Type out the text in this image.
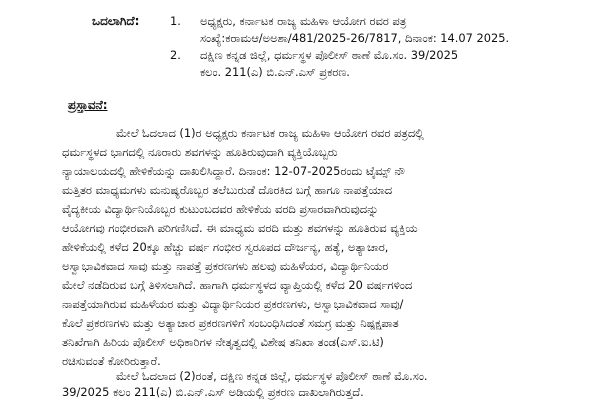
ಒದಲಾಗಿದೆ:	1. ಅಧ್ಯಕ್ಷರು, ಕರ್ನಾಟಕ ರಾಜ್ಯ ಮಹಿಳಾ ಆಯೋಗ ರವರ ಪತ್ರ
ಸಂಖ್ಯೆ:ಕರಾಮಆ/ಅಅಶಾ/481/2025-26/7817, ದಿನಾಂಕ: 14.07 2025.
2. ದಕ್ಷಿಣ ಕನ್ನಡ ಜಿಲ್ಲೆ, ಧರ್ಮಸ್ಥಳ ಪೊಲೀಸ್ ಠಾಣೆ ಮೊ.ಸಂ. 39/2025
ಕಲಂ. 211(ಎ) ಬಿ.ಎನ್.ಎಸ್ ಪ್ರಕರಣ.
ಪ್ರಸ್ತಾವನೆ:
ಮೇಲೆ ಓದಲಾದ (1)ರ ಅಧ್ಯಕ್ಷರು ಕರ್ನಾಟಕ ರಾಜ್ಯ ಮಹಿಳಾ ಆಯೋಗ ರವರ ಪತ್ರದಲ್ಲಿ
ಧರ್ಮಸ್ಥಳದ ಭಾಗದಲ್ಲಿ ನೂರಾರು ಶವಗಳನ್ನು ಹೂತಿರುವುದಾಗಿ ವ್ಯಕ್ತಿಯೊಬ್ಬರು
ನ್ಯಾಯಾಲಯದಲ್ಲಿ ಹೇಳಿಕೆಯನ್ನು ದಾಖಲಿಸಿದ್ದಾರೆ. ದಿನಾಂಕ: 12-07-2025ರಂದು ಟೈಮ್ಸ್ ನೌ
ಮತ್ತಿತರ ಮಾಧ್ಯಮಗಳು ಮನುಷ್ಯರೊಬ್ಬರ ತಲೆಬುರುಡೆ ದೊರಕಿದ ಬಗ್ಗೆ ಹಾಗೂ ನಾಪತ್ತೆಯಾದ
ವೈದ್ಯಕೀಯ ವಿದ್ಯಾರ್ಥಿನಿಯೊಬ್ಬರ ಕುಟುಂಬದವರ ಹೇಳಿಕೆಯ ವರದಿ ಪ್ರಸಾರವಾಗಿರುವುದನ್ನು
ಆಯೋಗವು ಗಂಭೀರವಾಗಿ ಪರಿಗಣಿಸಿದೆ. ಈ ಮಾಧ್ಯಮ ವರದಿ ಮತ್ತು ಶವಗಳನ್ನು ಹೂತಿರುವ ವ್ಯಕ್ತಿಯ
ಹೇಳಿಕೆಯಲ್ಲಿ ಕಳೆದ 20ಕ್ಕೂ ಹೆಚ್ಚು ವರ್ಷ ಗಂಭೀರ ಸ್ವರೂಪದ ದೌರ್ಜನ್ಯ, ಹತ್ಯೆ, ಅತ್ಯಾಚಾರ,
ಅಸ್ವಾಭಾವಿಕವಾದ ಸಾವು ಮತ್ತು ನಾಪತ್ತೆ ಪ್ರಕರಣಗಳು ಹಲವು ಮಹಿಳೆಯರ, ವಿದ್ಯಾರ್ಥಿನಿಯರ
ಮೇಲೆ ನಡೆದಿರುವ ಬಗ್ಗೆ ತಿಳಿಸಲಾಗಿದೆ. ಹಾಗಾಗಿ ಧರ್ಮಸ್ಥಳದ ವ್ಯಾಪ್ತಿಯಲ್ಲಿ ಕಳೆದ 20 ವರ್ಷಗಳಿಂದ
ನಾಪತ್ತೆಯಾಗಿರುವ ಮಹಿಳೆಯರ ಮತ್ತು ವಿದ್ಯಾರ್ಥಿನಿಯರ ಪ್ರಕರಣಗಳು, ಅಸ್ವಾಭಾವಿಕವಾದ ಸಾವು/
ಕೊಲೆ ಪ್ರಕರಣಗಳು ಮತ್ತು ಅತ್ಯಾಚಾರ ಪ್ರಕರಣಗಳಿಗೆ ಸಂಬಂಧಿಸಿದಂತೆ ಸಮಗ್ರ ಮತ್ತು ನಿಷ್ಪಕ್ಷಪಾತ
ತನಿಖೆಗಾಗಿ ಹಿರಿಯ ಪೊಲೀಸ್ ಅಧಿಕಾರಿಗಳ ನೇತೃತ್ವದಲ್ಲಿ ವಿಶೇಷ ತನಿಖಾ ತಂಡ(ಎಸ್.ಐ.ಟಿ)
ರಚಿಸುವಂತೆ ಕೋರಿರುತ್ತಾರೆ.
ಮೇಲೆ ಓದಲಾದ (2)ರಂತೆ, ದಕ್ಷಿಣ ಕನ್ನಡ ಜಿಲ್ಲೆ, ಧರ್ಮಸ್ಥಳ ಪೊಲೀಸ್ ಠಾಣೆ ಮೊ.ಸಂ.
39/2025 ಕಲಂ 211(ಎ) ಬಿ.ಎನ್.ಎಸ್ ಅಡಿಯಲ್ಲಿ ಪ್ರಕರಣ ದಾಖಲಾಗಿರುತ್ತದೆ.
